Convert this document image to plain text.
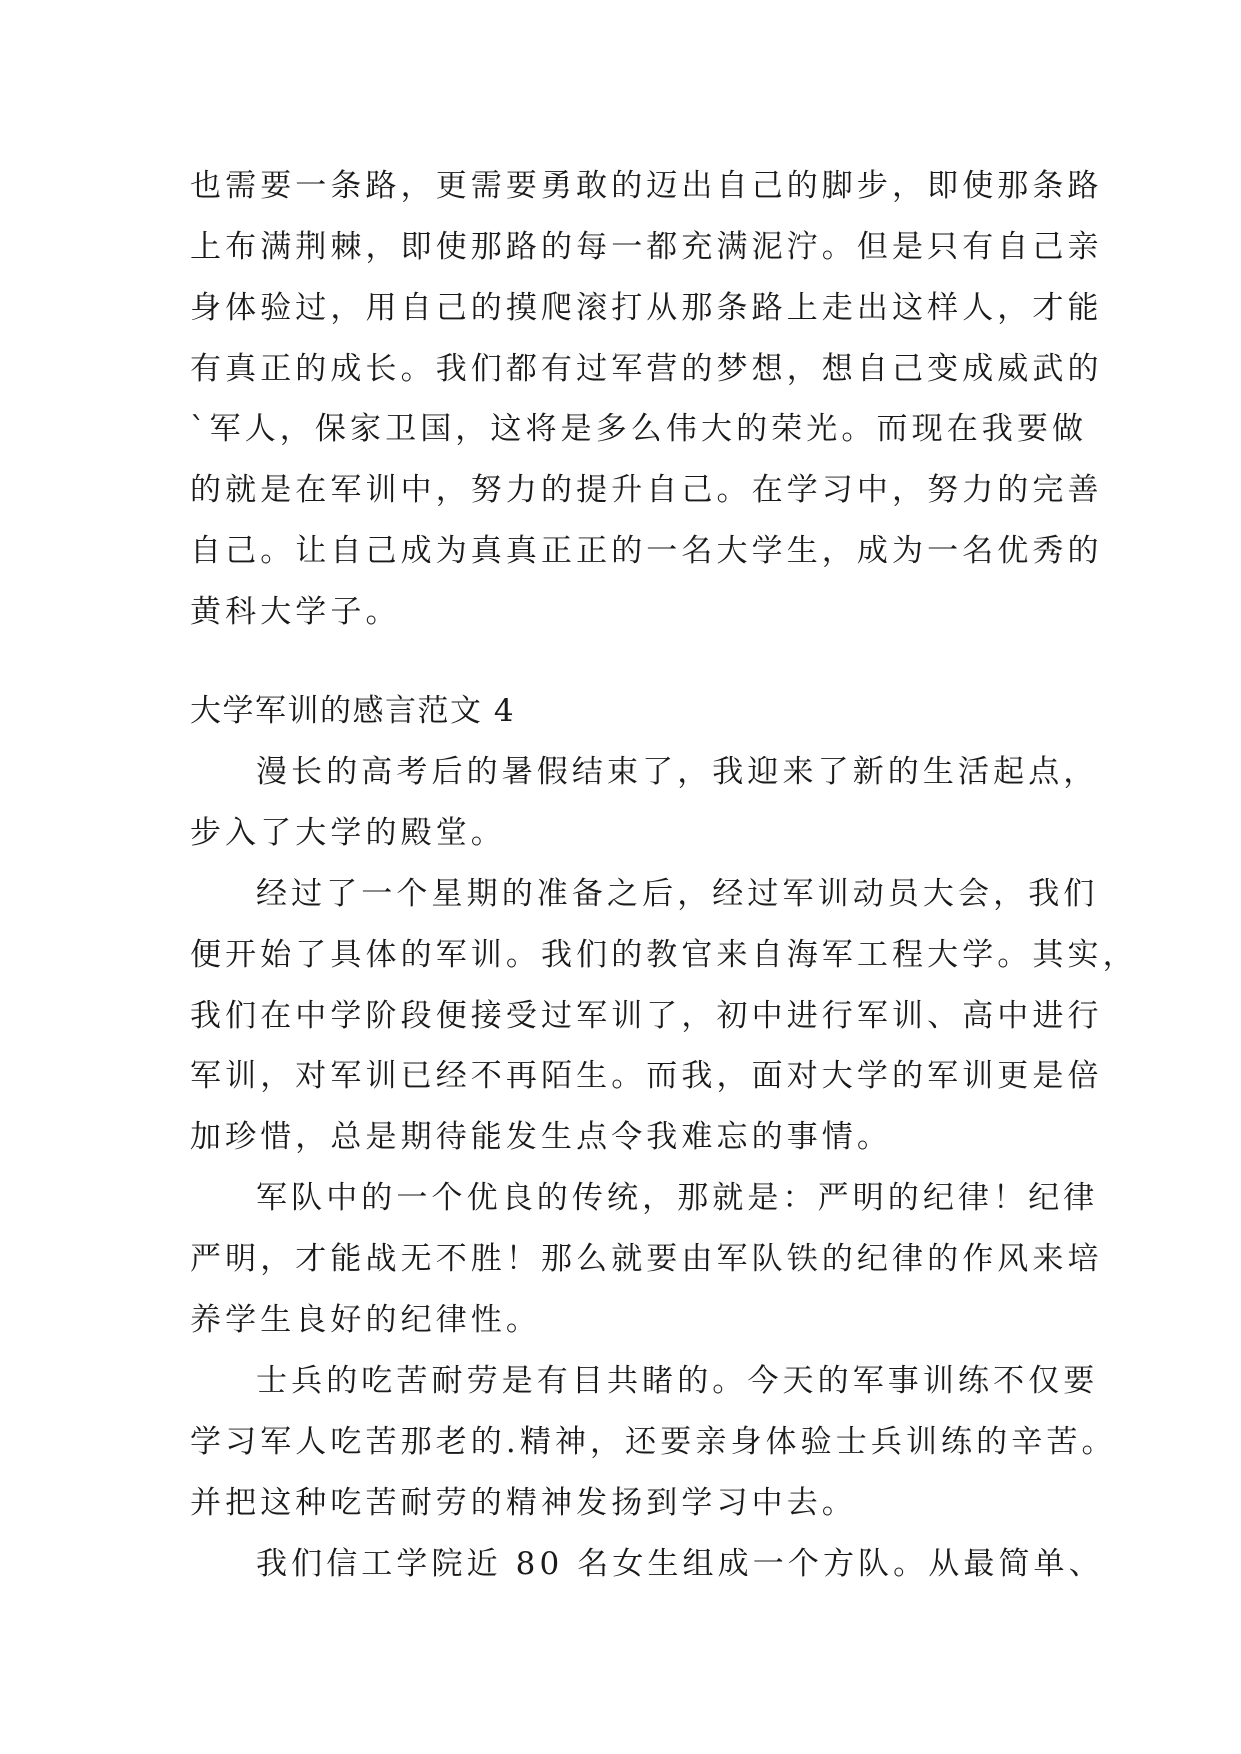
也需要一条路，更需要勇敢的迈出自己的脚步，即使那条路
上布满荆棘，即使那路的每一都充满泥泞。但是只有自己亲
身体验过，用自己的摸爬滚打从那条路上走出这样人，才能
有真正的成长。我们都有过军营的梦想，想自己变成威武的
`军人，保家卫国，这将是多么伟大的荣光。而现在我要做
的就是在军训中，努力的提升自己。在学习中，努力的完善
自己。让自己成为真真正正的一名大学生，成为一名优秀的
黄科大学子。
大学军训的感言范文 4
漫长的高考后的暑假结束了，我迎来了新的生活起点，
步入了大学的殿堂。
经过了一个星期的准备之后，经过军训动员大会，我们
便开始了具体的军训。我们的教官来自海军工程大学。其实，
我们在中学阶段便接受过军训了，初中进行军训、高中进行
军训，对军训已经不再陌生。而我，面对大学的军训更是倍
加珍惜，总是期待能发生点令我难忘的事情。
军队中的一个优良的传统，那就是：严明的纪律！纪律
严明，才能战无不胜！那么就要由军队铁的纪律的作风来培
养学生良好的纪律性。
士兵的吃苦耐劳是有目共睹的。今天的军事训练不仅要
学习军人吃苦那老的.精神，还要亲身体验士兵训练的辛苦。
并把这种吃苦耐劳的精神发扬到学习中去。
我们信工学院近 80 名女生组成一个方队。从最简单、
